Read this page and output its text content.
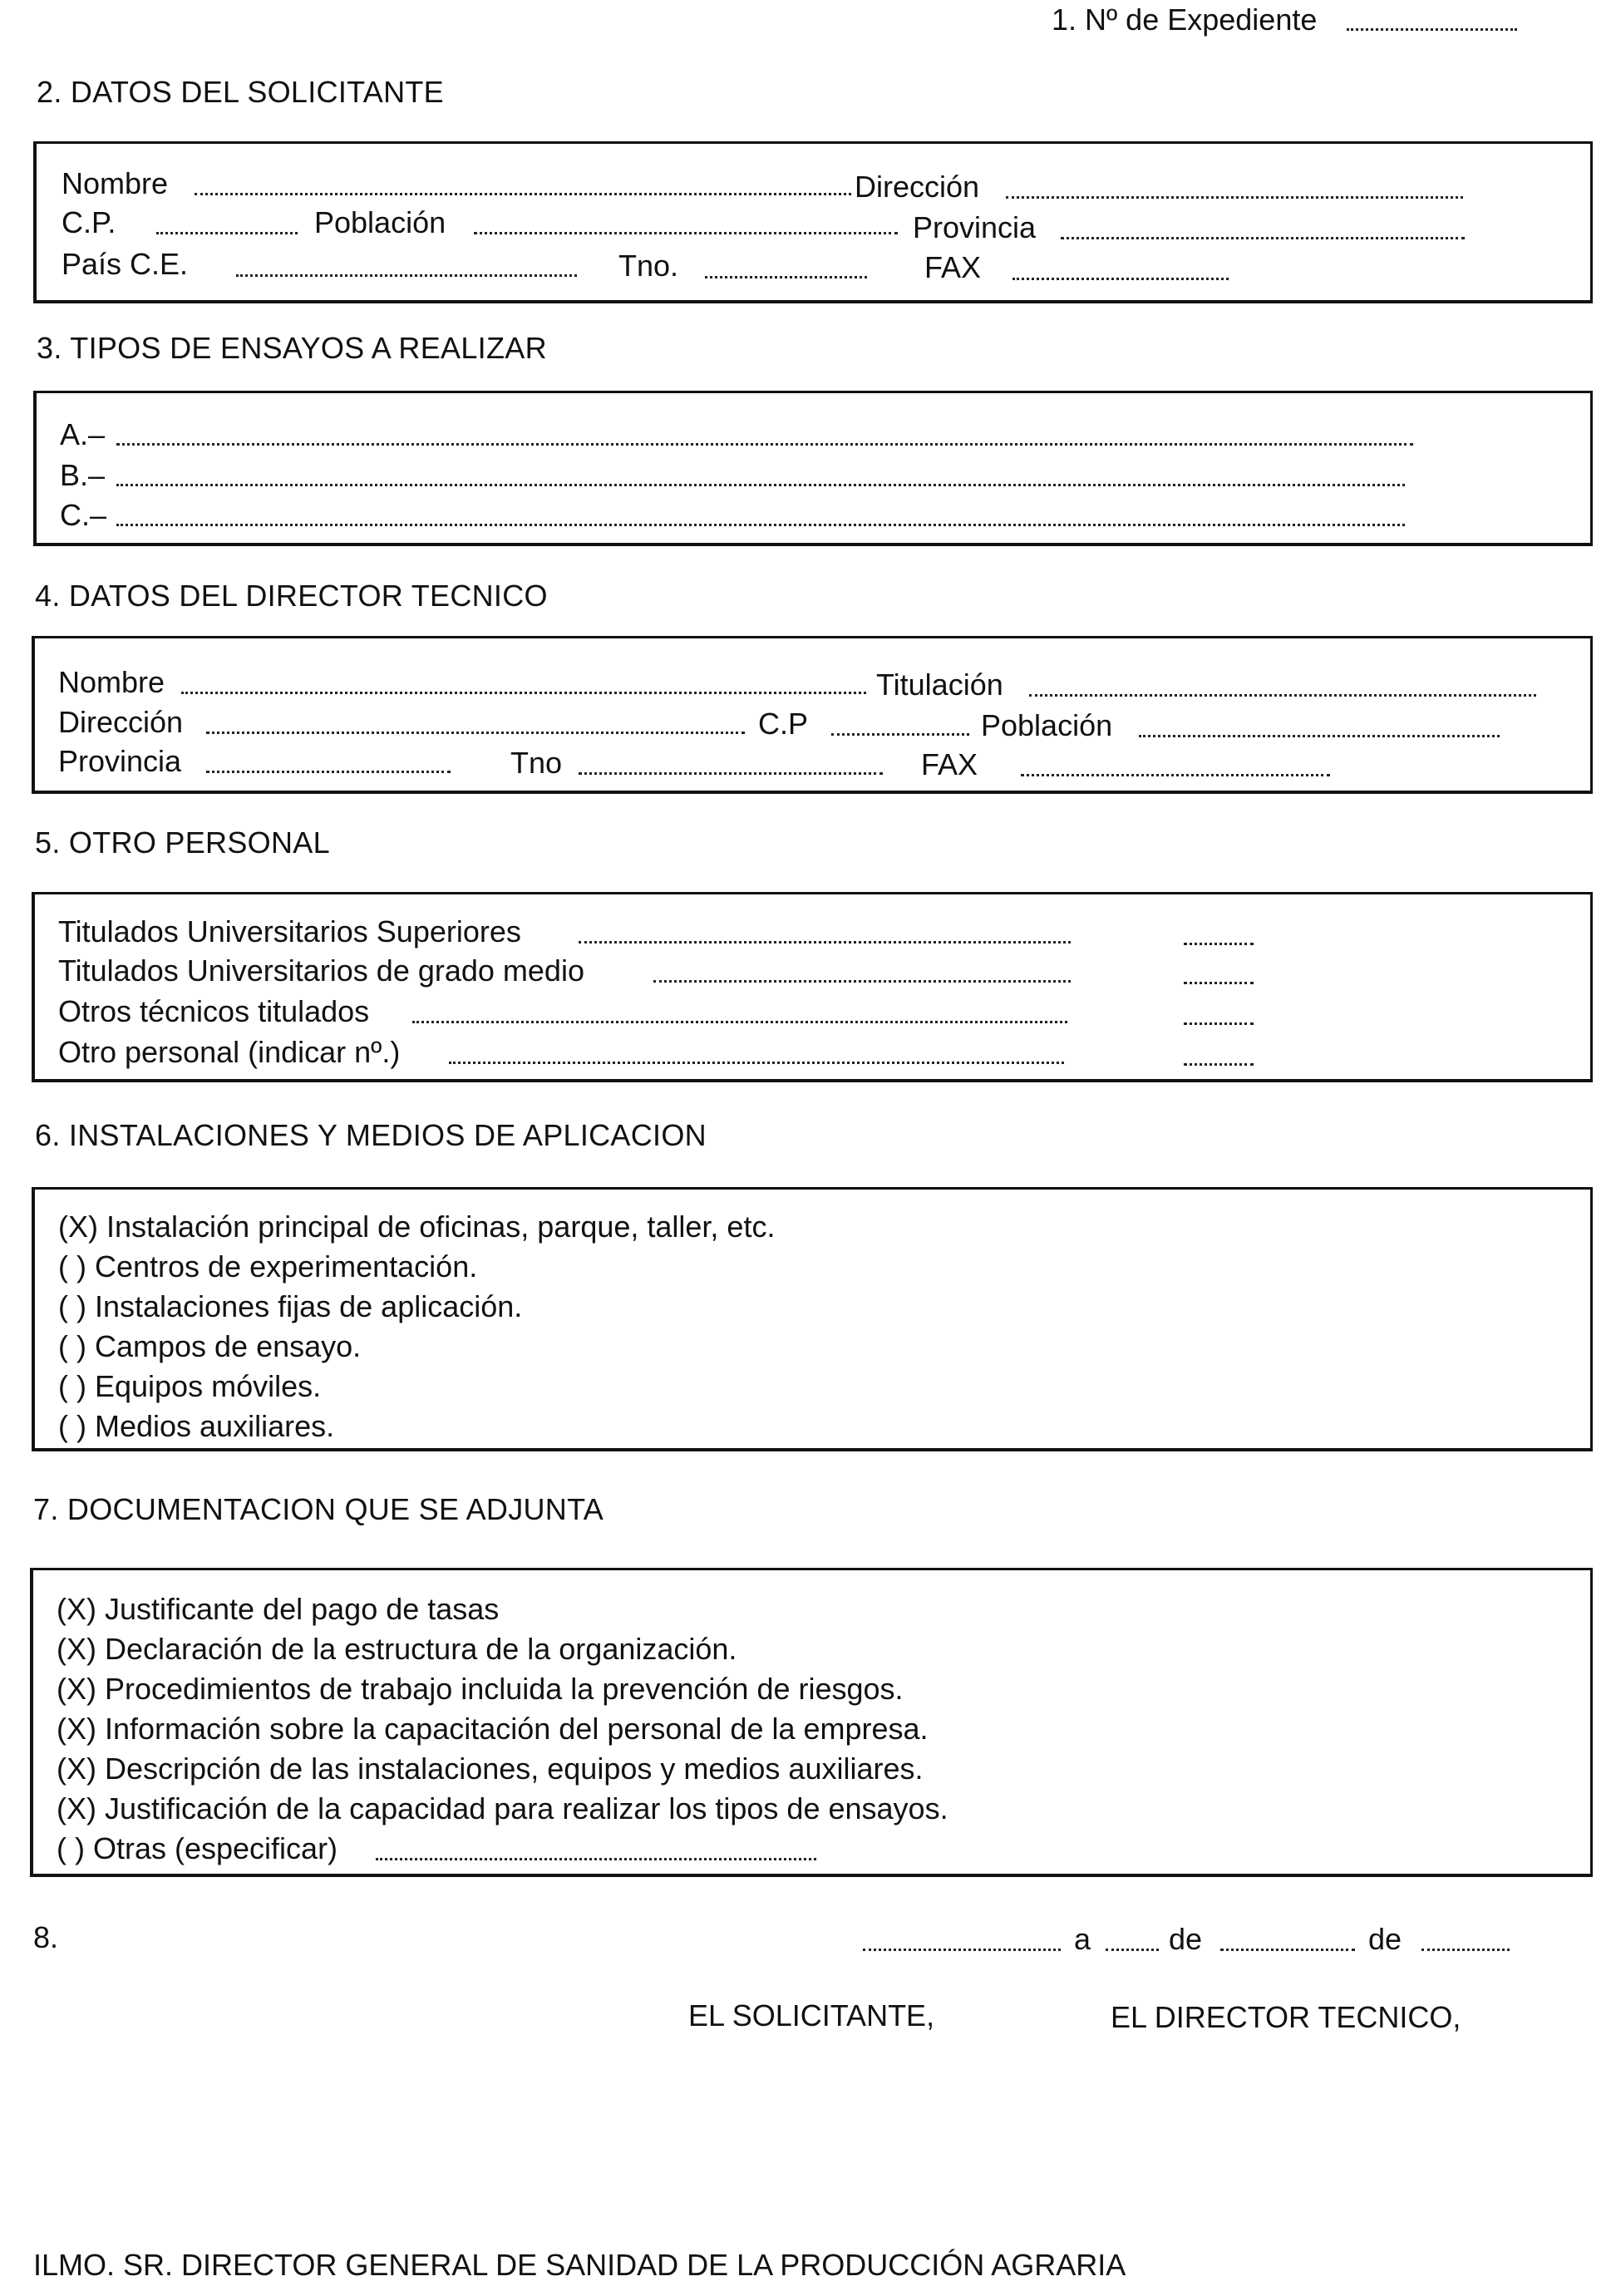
1. Nº de Expediente
2. DATOS DEL SOLICITANTE
Nombre	Dirección
C.P.	Población	Provincia
País C.E.	Tno.	FAX
3. TIPOS DE ENSAYOS A REALIZAR
A.–
B.–
C.–
4. DATOS DEL DIRECTOR TECNICO
Nombre	Titulación
Dirección	C.P	Población
Provincia	Tno	FAX
5. OTRO PERSONAL
Titulados Universitarios Superiores
Titulados Universitarios de grado medio
Otros técnicos titulados
Otro personal (indicar nº.)
6. INSTALACIONES Y MEDIOS DE APLICACION
(X) Instalación principal de oficinas, parque, taller, etc.
( ) Centros de experimentación.
( ) Instalaciones fijas de aplicación.
( ) Campos de ensayo.
( ) Equipos móviles.
( ) Medios auxiliares.
7. DOCUMENTACION QUE SE ADJUNTA
(X) Justificante del pago de tasas
(X) Declaración de la estructura de la organización.
(X) Procedimientos de trabajo incluida la prevención de riesgos.
(X) Información sobre la capacitación del personal de la empresa.
(X) Descripción de las instalaciones, equipos y medios auxiliares.
(X) Justificación de la capacidad para realizar los tipos de ensayos.
( ) Otras (especificar)
8.	a	de	de
EL SOLICITANTE,	EL DIRECTOR TECNICO,
ILMO. SR. DIRECTOR GENERAL DE SANIDAD DE LA PRODUCCIÓN AGRARIA
